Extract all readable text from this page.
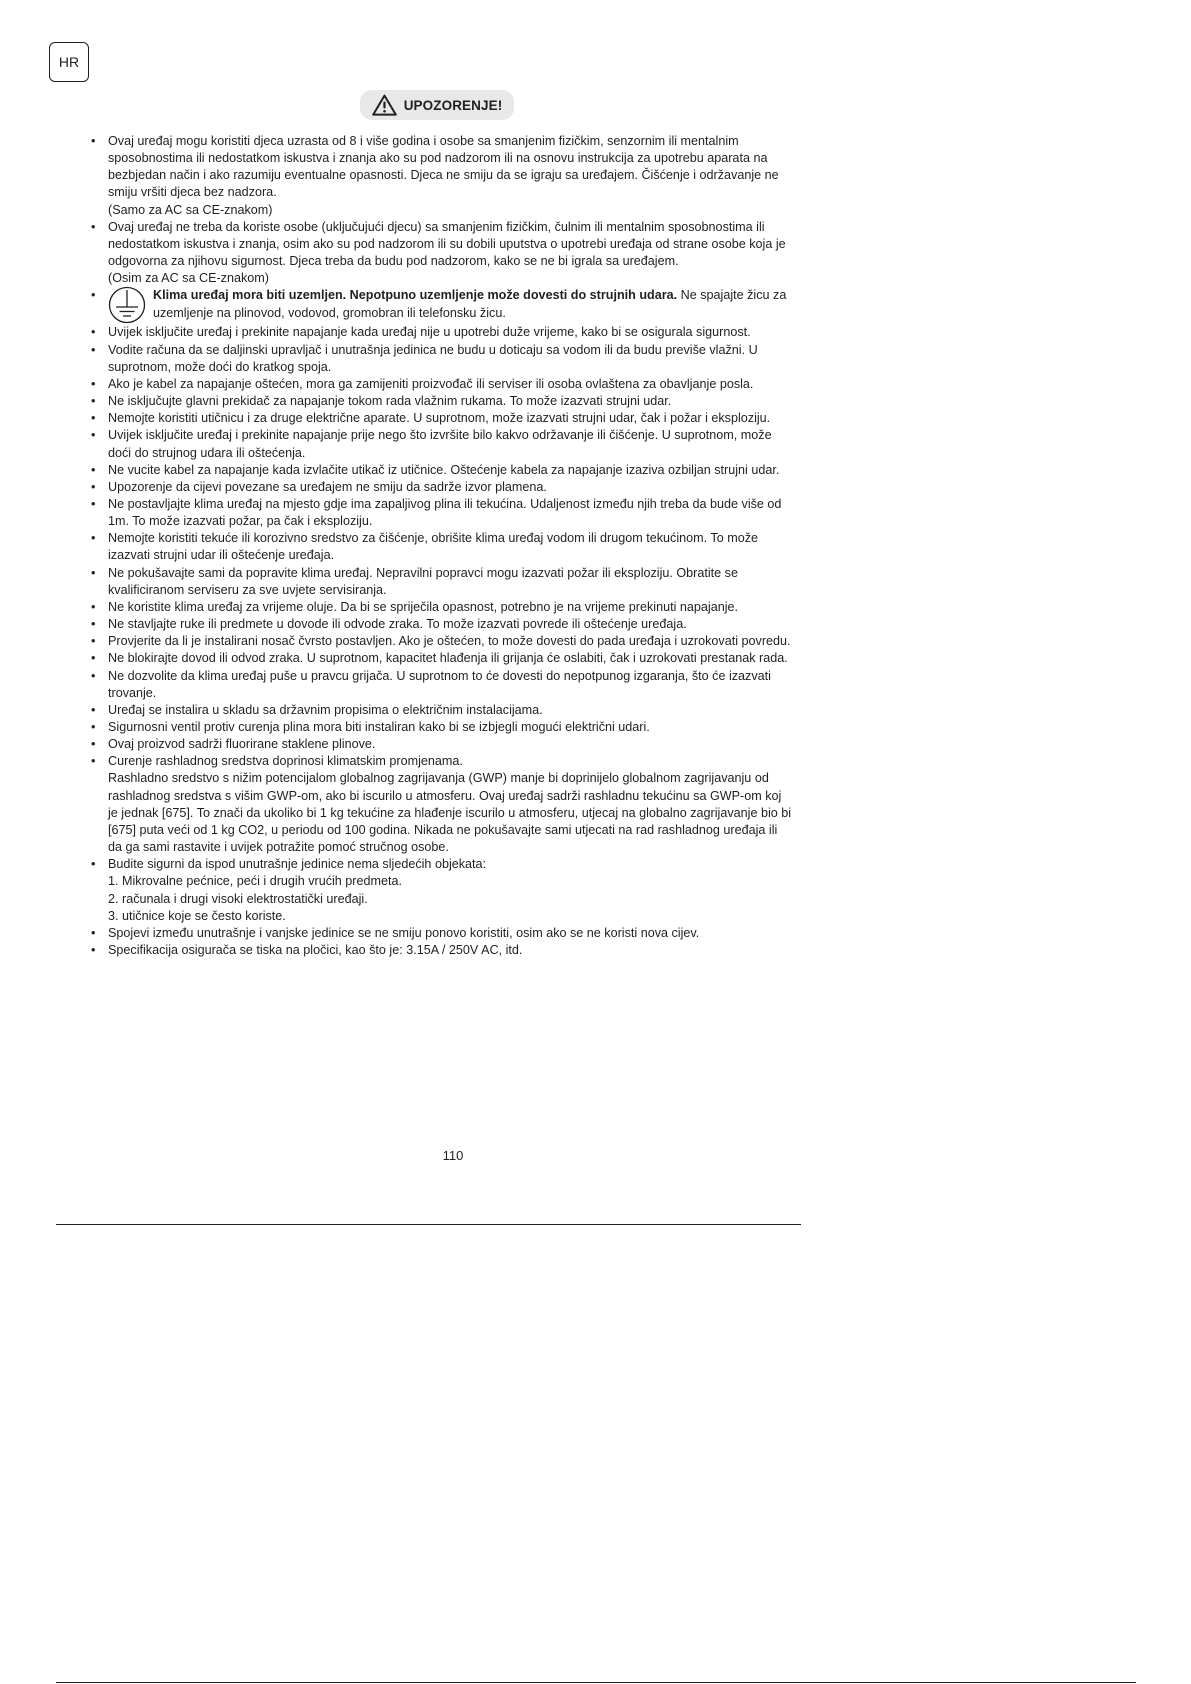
HR
UPOZORENJE!
• Ovaj uređaj mogu koristiti djeca uzrasta od 8 i više godina i osobe sa smanjenim fizičkim, senzornim ili mentalnim sposobnostima ili nedostatkom iskustva i znanja ako su pod nadzorom ili na osnovu instrukcija za upotrebu aparata na bezbjedan način i ako razumiju eventualne opasnosti. Djeca ne smiju da se igraju sa uređajem. Čišćenje i održavanje ne smiju vršiti djeca bez nadzora.
(Samo za AC sa CE-znakom)
• Ovaj uređaj ne treba da koriste osobe (uključujući djecu) sa smanjenim fizičkim, čulnim ili mentalnim sposobnostima ili nedostatkom iskustva i znanja, osim ako su pod nadzorom ili su dobili uputstva o upotrebi uređaja od strane osobe koja je odgovorna za njihovu sigurnost. Djeca treba da budu pod nadzorom, kako se ne bi igrala sa uređajem.
(Osim za AC sa CE-znakom)
• Klima uređaj mora biti uzemljen. Nepotpuno uzemljenje može dovesti do strujnih udara. Ne spajajte žicu za uzemljenje na plinovod, vodovod, gromobran ili telefonsku žicu.
• Uvijek isključite uređaj i prekinite napajanje kada uređaj nije u upotrebi duže vrijeme, kako bi se osigurala sigurnost.
• Vodite računa da se daljinski upravljač i unutrašnja jedinica ne budu u doticaju sa vodom ili da budu previše vlažni. U suprotnom, može doći do kratkog spoja.
• Ako je kabel za napajanje oštećen, mora ga zamijeniti proizvođač ili serviser ili osoba ovlaštena za obavljanje posla.
• Ne isključujte glavni prekidač za napajanje tokom rada vlažnim rukama. To može izazvati strujni udar.
• Nemojte koristiti utičnicu i za druge električne aparate. U suprotnom, može izazvati strujni udar, čak i požar i eksploziju.
• Uvijek isključite uređaj i prekinite napajanje prije nego što izvršite bilo kakvo održavanje ili čišćenje. U suprotnom, može doći do strujnog udara ili oštećenja.
• Ne vucite kabel za napajanje kada izvlačite utikač iz utičnice. Oštećenje kabela za napajanje izaziva ozbiljan strujni udar.
• Upozorenje da cijevi povezane sa uređajem ne smiju da sadrže izvor plamena.
• Ne postavljajte klima uređaj na mjesto gdje ima zapaljivog plina ili tekućina. Udaljenost između njih treba da bude više od 1m. To može izazvati požar, pa čak i eksploziju.
• Nemojte koristiti tekuće ili korozivno sredstvo za čišćenje, obrišite klima uređaj vodom ili drugom tekućinom. To može izazvati strujni udar ili oštećenje uređaja.
• Ne pokušavajte sami da popravite klima uređaj. Nepravilni popravci mogu izazvati požar ili eksploziju. Obratite se kvalificiranom serviseru za sve uvjete servisiranja.
• Ne koristite klima uređaj za vrijeme oluje. Da bi se spriječila opasnost, potrebno je na vrijeme prekinuti napajanje.
• Ne stavljajte ruke ili predmete u dovode ili odvode zraka. To može izazvati povrede ili oštećenje uređaja.
• Provjerite da li je instalirani nosač čvrsto postavljen. Ako je oštećen, to može dovesti do pada uređaja i uzrokovati povredu.
• Ne blokirajte dovod ili odvod zraka. U suprotnom, kapacitet hlađenja ili grijanja će oslabiti, čak i uzrokovati prestanak rada.
• Ne dozvolite da klima uređaj puše u pravcu grijača. U suprotnom to će dovesti do nepotpunog izgaranja, što će izazvati trovanje.
• Uređaj se instalira u skladu sa državnim propisima o električnim instalacijama.
• Sigurnosni ventil protiv curenja plina mora biti instaliran kako bi se izbjegli mogući električni udari.
• Ovaj proizvod sadrži fluorirane staklene plinove.
• Curenje rashladnog sredstva doprinosi klimatskim promjenama.
Rashladno sredstvo s nižim potencijalom globalnog zagrijavanja (GWP) manje bi doprinijelo globalnom zagrijavanju od rashladnog sredstva s višim GWP-om, ako bi iscurilo u atmosferu. Ovaj uređaj sadrži rashladnu tekućinu sa GWP-om koj je jednak [675]. To znači da ukoliko bi 1 kg tekućine za hlađenje iscurilo u atmosferu, utjecaj na globalno zagrijavanje bio bi [675] puta veći od 1 kg CO2, u periodu od 100 godina. Nikada ne pokušavajte sami utjecati na rad rashladnog uređaja ili da ga sami rastavite i uvijek potražite pomoć stručnog osobe.
• Budite sigurni da ispod unutrašnje jedinice nema sljedećih objekata:
1. Mikrovalne pećnice, peći i drugih vrućih predmeta.
2. računala i drugi visoki elektrostatički uređaji.
3. utičnice koje se često koriste.
• Spojevi između unutrašnje i vanjske jedinice se ne smiju ponovo koristiti, osim ako se ne koristi nova cijev.
• Specifikacija osigurača se tiska na pločici, kao što je: 3.15A / 250V AC, itd.
110
